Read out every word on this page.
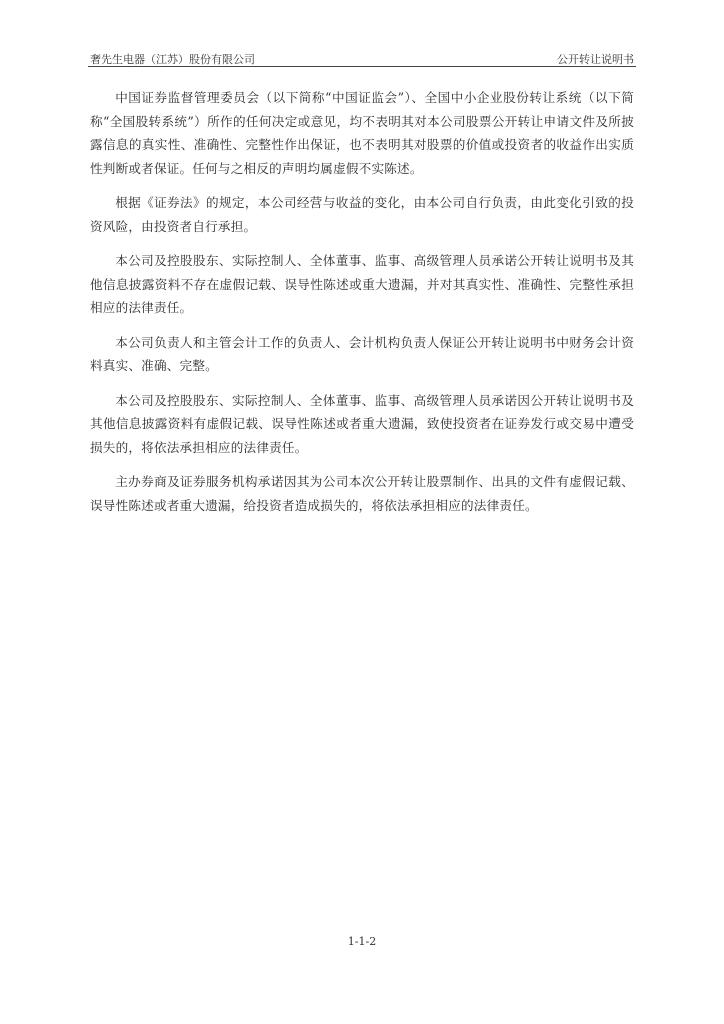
奢先生电器（江苏）股份有限公司	公开转让说明书

中国证券监督管理委员会（以下简称“中国证监会”）、全国中小企业股份转让系统（以下简称“全国股转系统”）所作的任何决定或意见，均不表明其对本公司股票公开转让申请文件及所披露信息的真实性、准确性、完整性作出保证，也不表明其对股票的价值或投资者的收益作出实质性判断或者保证。任何与之相反的声明均属虚假不实陈述。

根据《证券法》的规定，本公司经营与收益的变化，由本公司自行负责，由此变化引致的投资风险，由投资者自行承担。

本公司及控股股东、实际控制人、全体董事、监事、高级管理人员承诺公开转让说明书及其他信息披露资料不存在虚假记载、误导性陈述或重大遗漏，并对其真实性、准确性、完整性承担相应的法律责任。

本公司负责人和主管会计工作的负责人、会计机构负责人保证公开转让说明书中财务会计资料真实、准确、完整。

本公司及控股股东、实际控制人、全体董事、监事、高级管理人员承诺因公开转让说明书及其他信息披露资料有虚假记载、误导性陈述或者重大遗漏，致使投资者在证券发行或交易中遭受损失的，将依法承担相应的法律责任。

主办券商及证券服务机构承诺因其为公司本次公开转让股票制作、出具的文件有虚假记载、误导性陈述或者重大遗漏，给投资者造成损失的，将依法承担相应的法律责任。

1-1-2
